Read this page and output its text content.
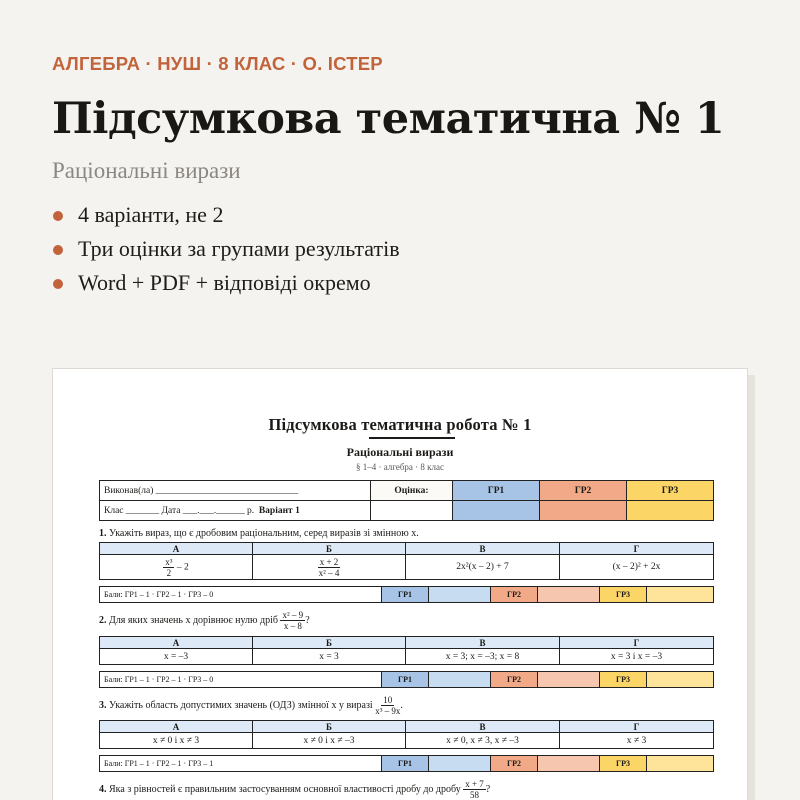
АЛГЕБРА · НУШ · 8 КЛАС · О. ІСТЕР
Підсумкова тематична № 1
Раціональні вирази
4 варіанти, не 2
Три оцінки за групами результатів
Word + PDF + відповіді окремо
Підсумкова тематична робота № 1
Раціональні вирази
§ 1–4 · алгебра · 8 клас
Виконав(ла) ______________________________	Оцінка:	ГР1	ГР2	ГР3
Клас _______ Дата ___.___.______ р. Варіант 1				
1. Укажіть вираз, що є дробовим раціональним, серед виразів зі змінною x.
А	Б	В	Г

$\frac{\text{x³}}{2} - 2$	$\frac{x + 2}{\text{x² – 4}}$	2x²(x – 2) + 7	(x – 2)² + 2x
Бали: ГР1 – 1 · ГР2 – 1 · ГР3 – 0	ГР1		ГР2		ГР3	
2. Для яких значень x дорівнює нулю дріб $\frac{\text{x² – 9}}{x - 8}$ ?
А	Б	В	Г
x = –3	x = 3	x = 3; x = –3; x = 8	x = 3 і x = –3
Бали: ГР1 – 1 · ГР2 – 1 · ГР3 – 0	ГР1		ГР2		ГР3	
3. Укажіть область допустимих значень (ОДЗ) змінної x у виразі $\frac{10}{\text{x³ – 9x}}$ .
А	Б	В	Г
x ≠ 0 і x ≠ 3	x ≠ 0 і x ≠ –3	x ≠ 0, x ≠ 3, x ≠ –3	x ≠ 3
Бали: ГР1 – 1 · ГР2 – 1 · ГР3 – 1	ГР1		ГР2		ГР3	
4. Яка з рівностей є правильним застосуванням основної властивості дробу до дробу $\frac{x + 7}{58}$ ?
